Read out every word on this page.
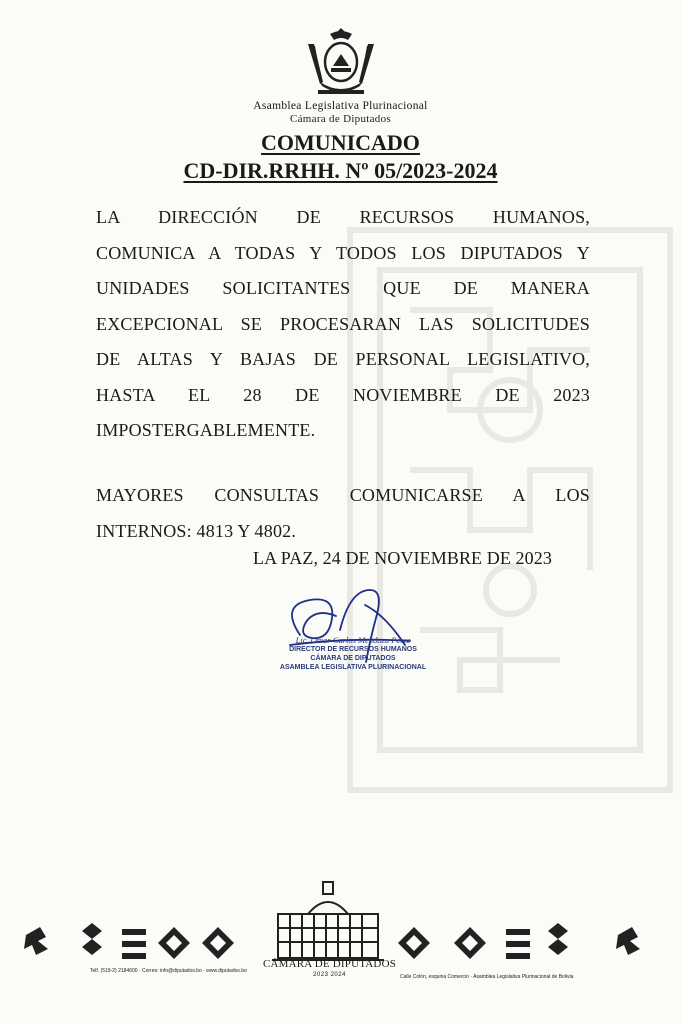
Asamblea Legislativa Plurinacional
Cámara de Diputados
COMUNICADO
CD-DIR.RRHH. Nº 05/2023-2024
LA DIRECCIÓN DE RECURSOS HUMANOS,
COMUNICA A TODAS Y TODOS LOS DIPUTADOS Y
UNIDADES SOLICITANTES QUE DE MANERA
EXCEPCIONAL SE PROCESARAN LAS SOLICITUDES
DE ALTAS Y BAJAS DE PERSONAL LEGISLATIVO,
HASTA EL 28 DE NOVIEMBRE DE 2023
IMPOSTERGABLEMENTE.
MAYORES CONSULTAS COMUNICARSE A LOS
INTERNOS: 4813 Y 4802.
LA PAZ, 24 DE NOVIEMBRE DE 2023
Lic. Omar Carlos Mendoza Pérez
DIRECTOR DE RECURSOS HUMANOS
CÁMARA DE DIPUTADOS
ASAMBLEA LEGISLATIVA PLURINACIONAL
CÁMARA DE DIPUTADOS
2023 2024
Telf. (519-2) 2184600 · Correo: info@diputados.bo · www.diputados.bo
Calle Colón, esquina Comercio · Asamblea Legislativa Plurinacional de Bolivia
